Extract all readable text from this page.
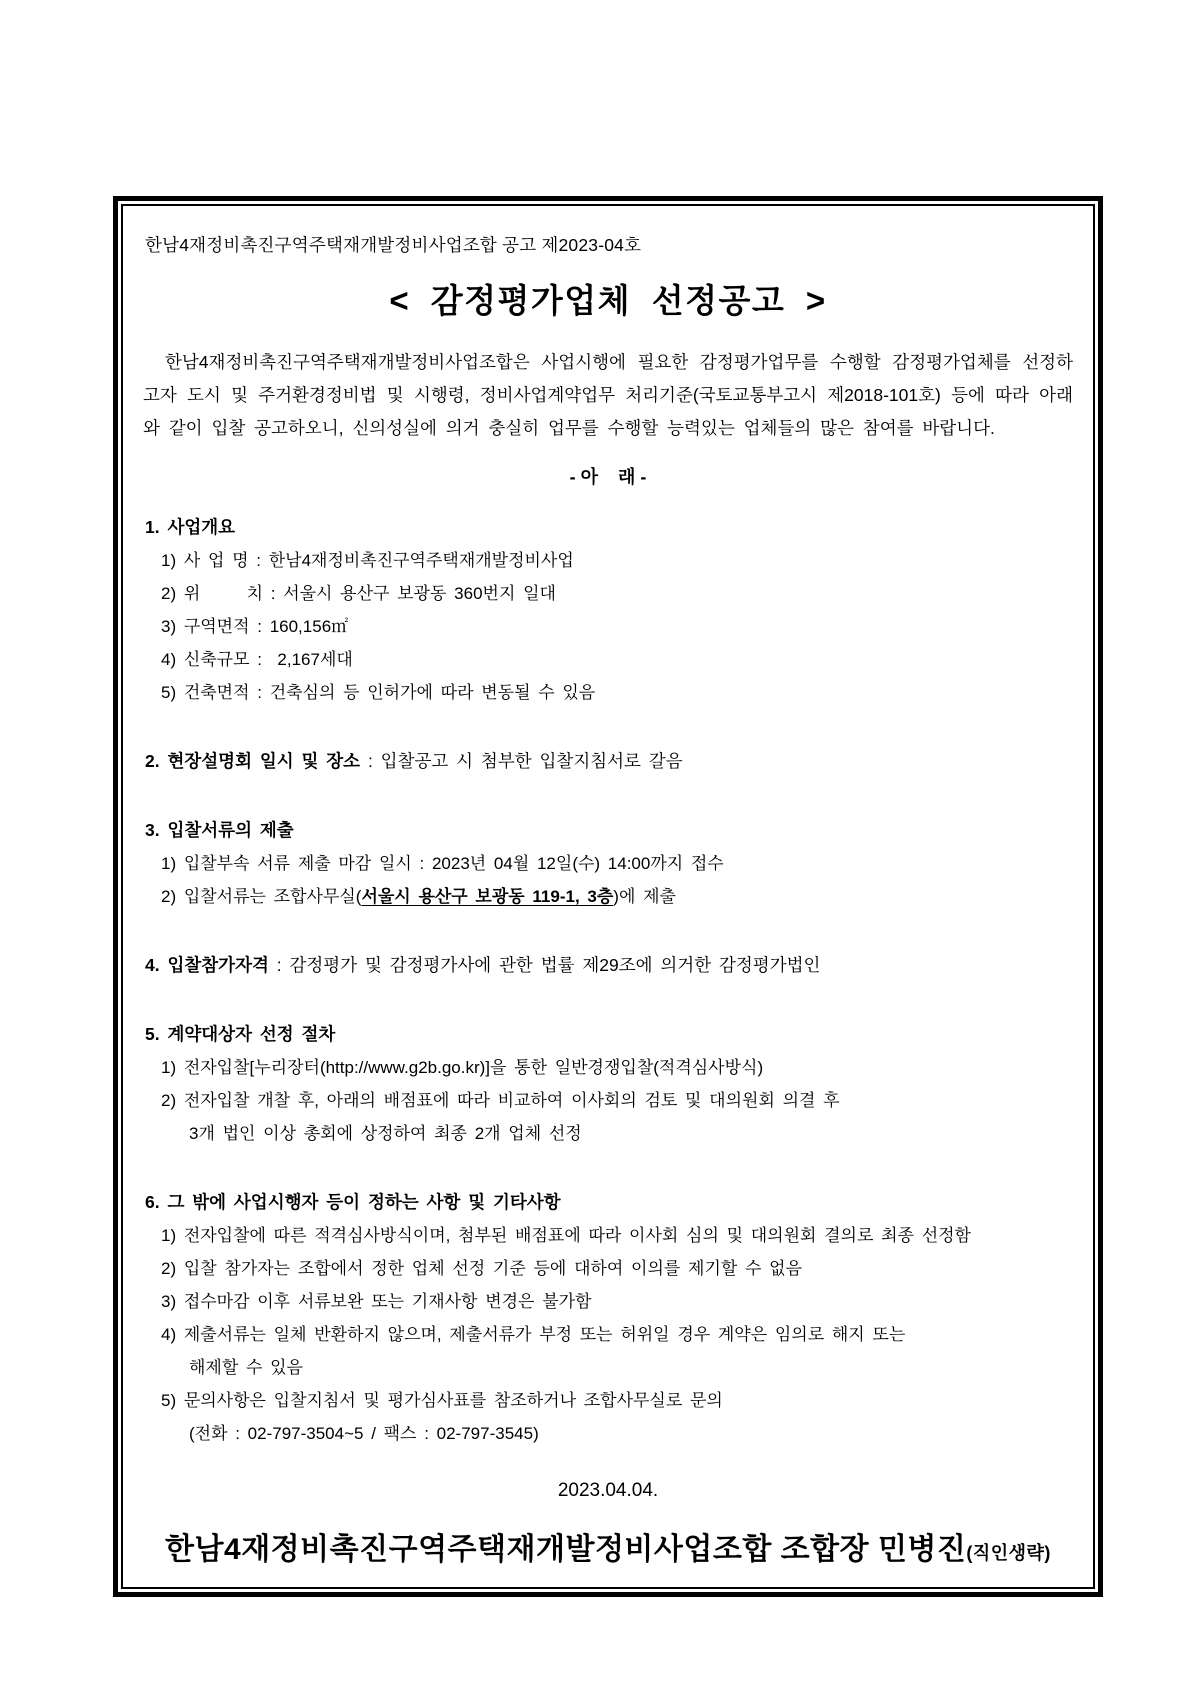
한남4재정비촉진구역주택재개발정비사업조합 공고 제2023-04호
< 감정평가업체 선정공고 >

한남4재정비촉진구역주택재개발정비사업조합은 사업시행에 필요한 감정평가업무를 수행할 감정평가업체를 선정하고자 도시 및 주거환경정비법 및 시행령, 정비사업계약업무 처리기준(국토교통부고시 제2018-101호) 등에 따라 아래와 같이 입찰 공고하오니, 신의성실에 의거 충실히 업무를 수행할 능력있는 업체들의 많은 참여를 바랍니다.

- 아    래 -
1. 사업개요
1) 사 업 명 : 한남4재정비촉진구역주택재개발정비사업
2) 위      치 : 서울시 용산구 보광동 360번지 일대
3) 구역면적 : 160,156㎡
4) 신축규모 :  2,167세대
5) 건축면적 : 건축심의 등 인허가에 따라 변동될 수 있음
2. 현장설명회 일시 및 장소 : 입찰공고 시 첨부한 입찰지침서로 갈음
3. 입찰서류의 제출
1) 입찰부속 서류 제출 마감 일시 : 2023년 04월 12일(수) 14:00까지 접수
2) 입찰서류는 조합사무실(서울시 용산구 보광동 119-1, 3층)에 제출
4. 입찰참가자격 : 감정평가 및 감정평가사에 관한 법률 제29조에 의거한 감정평가법인
5. 계약대상자 선정 절차
1) 전자입찰[누리장터(http://www.g2b.go.kr)]을 통한 일반경쟁입찰(적격심사방식)
2) 전자입찰 개찰 후, 아래의 배점표에 따라 비교하여 이사회의 검토 및 대의원회 의결 후
3개 법인 이상 총회에 상정하여 최종 2개 업체 선정
6. 그 밖에 사업시행자 등이 정하는 사항 및 기타사항
1) 전자입찰에 따른 적격심사방식이며, 첨부된 배점표에 따라 이사회 심의 및 대의원회 결의로 최종 선정함
2) 입찰 참가자는 조합에서 정한 업체 선정 기준 등에 대하여 이의를 제기할 수 없음
3) 접수마감 이후 서류보완 또는 기재사항 변경은 불가함
4) 제출서류는 일체 반환하지 않으며, 제출서류가 부정 또는 허위일 경우 계약은 임의로 해지 또는
해제할 수 있음
5) 문의사항은 입찰지침서 및 평가심사표를 참조하거나 조합사무실로 문의
(전화 : 02-797-3504~5 / 팩스 : 02-797-3545)
2023.04.04.
한남4재정비촉진구역주택재개발정비사업조합 조합장 민병진(직인생략)
